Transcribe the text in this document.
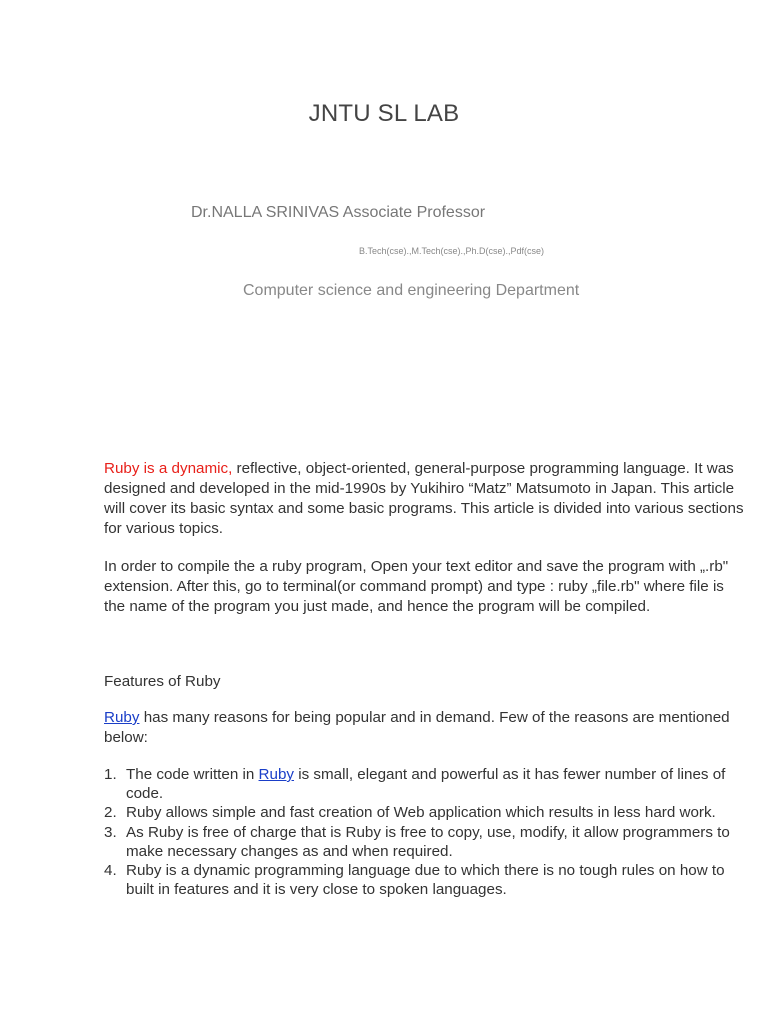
JNTU SL LAB

Dr.NALLA SRINIVAS Associate Professor

B.Tech(cse).,M.Tech(cse).,Ph.D(cse).,Pdf(cse)

Computer science and engineering Department

Ruby is a dynamic, reflective, object-oriented, general-purpose programming language. It was designed and developed in the mid-1990s by Yukihiro “Matz” Matsumoto in Japan. This article will cover its basic syntax and some basic programs. This article is divided into various sections for various topics.

In order to compile the a ruby program, Open your text editor and save the program with „.rb" extension. After this, go to terminal(or command prompt) and type : ruby „file.rb" where file is the name of the program you just made, and hence the program will be compiled.

Features of Ruby

Ruby has many reasons for being popular and in demand. Few of the reasons are mentioned below:

1. The code written in Ruby is small, elegant and powerful as it has fewer number of lines of code.
2. Ruby allows simple and fast creation of Web application which results in less hard work.
3. As Ruby is free of charge that is Ruby is free to copy, use, modify, it allow programmers to make necessary changes as and when required.
4. Ruby is a dynamic programming language due to which there is no tough rules on how to built in features and it is very close to spoken languages.
